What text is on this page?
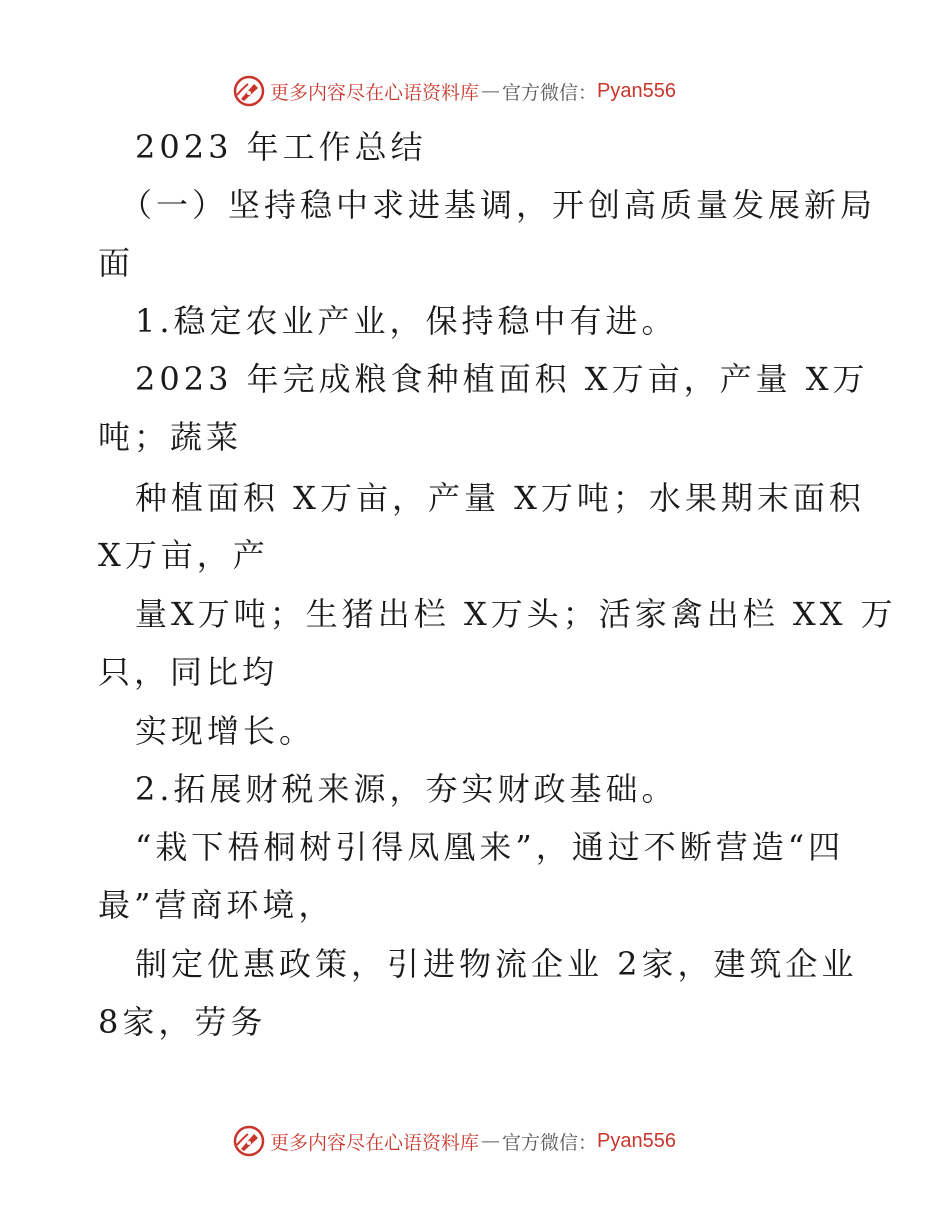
更多内容尽在心语资料库 — 官方微信： Pyan556
2023 年工作总结
（一）坚持稳中求进基调，开创高质量发展新局
面
1.稳定农业产业，保持稳中有进。
2023 年完成粮食种植面积 X万亩，产量 X万
吨；蔬菜
种植面积 X万亩，产量 X万吨；水果期末面积
X万亩，产
量X万吨；生猪出栏 X万头；活家禽出栏 XX 万
只，同比均
实现增长。
2.拓展财税来源，夯实财政基础。
“栽下梧桐树引得凤凰来”，通过不断营造“四
最”营商环境，
制定优惠政策，引进物流企业 2家，建筑企业
8家，劳务
更多内容尽在心语资料库 — 官方微信： Pyan556
